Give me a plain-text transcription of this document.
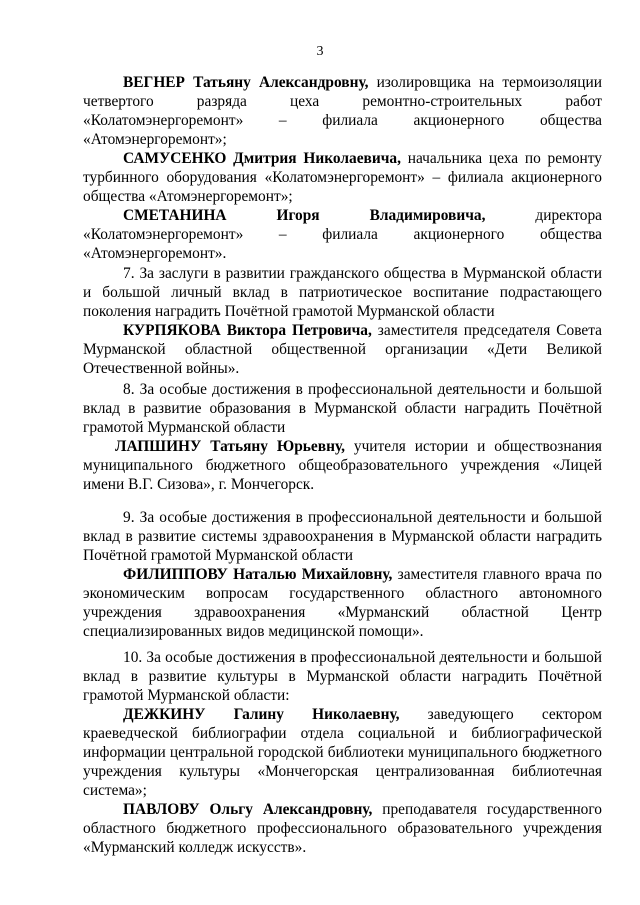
3

ВЕГНЕР Татьяну Александровну, изолировщика на термоизоляции четвертого разряда цеха ремонтно-строительных работ «Колатомэнергоремонт» – филиала акционерного общества «Атомэнергоремонт»;

САМУСЕНКО Дмитрия Николаевича, начальника цеха по ремонту турбинного оборудования «Колатомэнергоремонт» – филиала акционерного общества «Атомэнергоремонт»;

СМЕТАНИНА Игоря Владимировича, директора «Колатомэнергоремонт» – филиала акционерного общества «Атомэнергоремонт».

7. За заслуги в развитии гражданского общества в Мурманской области и большой личный вклад в патриотическое воспитание подрастающего поколения наградить Почётной грамотой Мурманской области

КУРПЯКОВА Виктора Петровича, заместителя председателя Совета Мурманской областной общественной организации «Дети Великой Отечественной войны».

8. За особые достижения в профессиональной деятельности и большой вклад в развитие образования в Мурманской области наградить Почётной грамотой Мурманской области

ЛАПШИНУ Татьяну Юрьевну, учителя истории и обществознания муниципального бюджетного общеобразовательного учреждения «Лицей имени В.Г. Сизова», г. Мончегорск.

9. За особые достижения в профессиональной деятельности и большой вклад в развитие системы здравоохранения в Мурманской области наградить Почётной грамотой Мурманской области

ФИЛИППОВУ Наталью Михайловну, заместителя главного врача по экономическим вопросам государственного областного автономного учреждения здравоохранения «Мурманский областной Центр специализированных видов медицинской помощи».

10. За особые достижения в профессиональной деятельности и большой вклад в развитие культуры в Мурманской области наградить Почётной грамотой Мурманской области:

ДЕЖКИНУ Галину Николаевну, заведующего сектором краеведческой библиографии отдела социальной и библиографической информации центральной городской библиотеки муниципального бюджетного учреждения культуры «Мончегорская централизованная библиотечная система»;

ПАВЛОВУ Ольгу Александровну, преподавателя государственного областного бюджетного профессионального образовательного учреждения «Мурманский колледж искусств».
